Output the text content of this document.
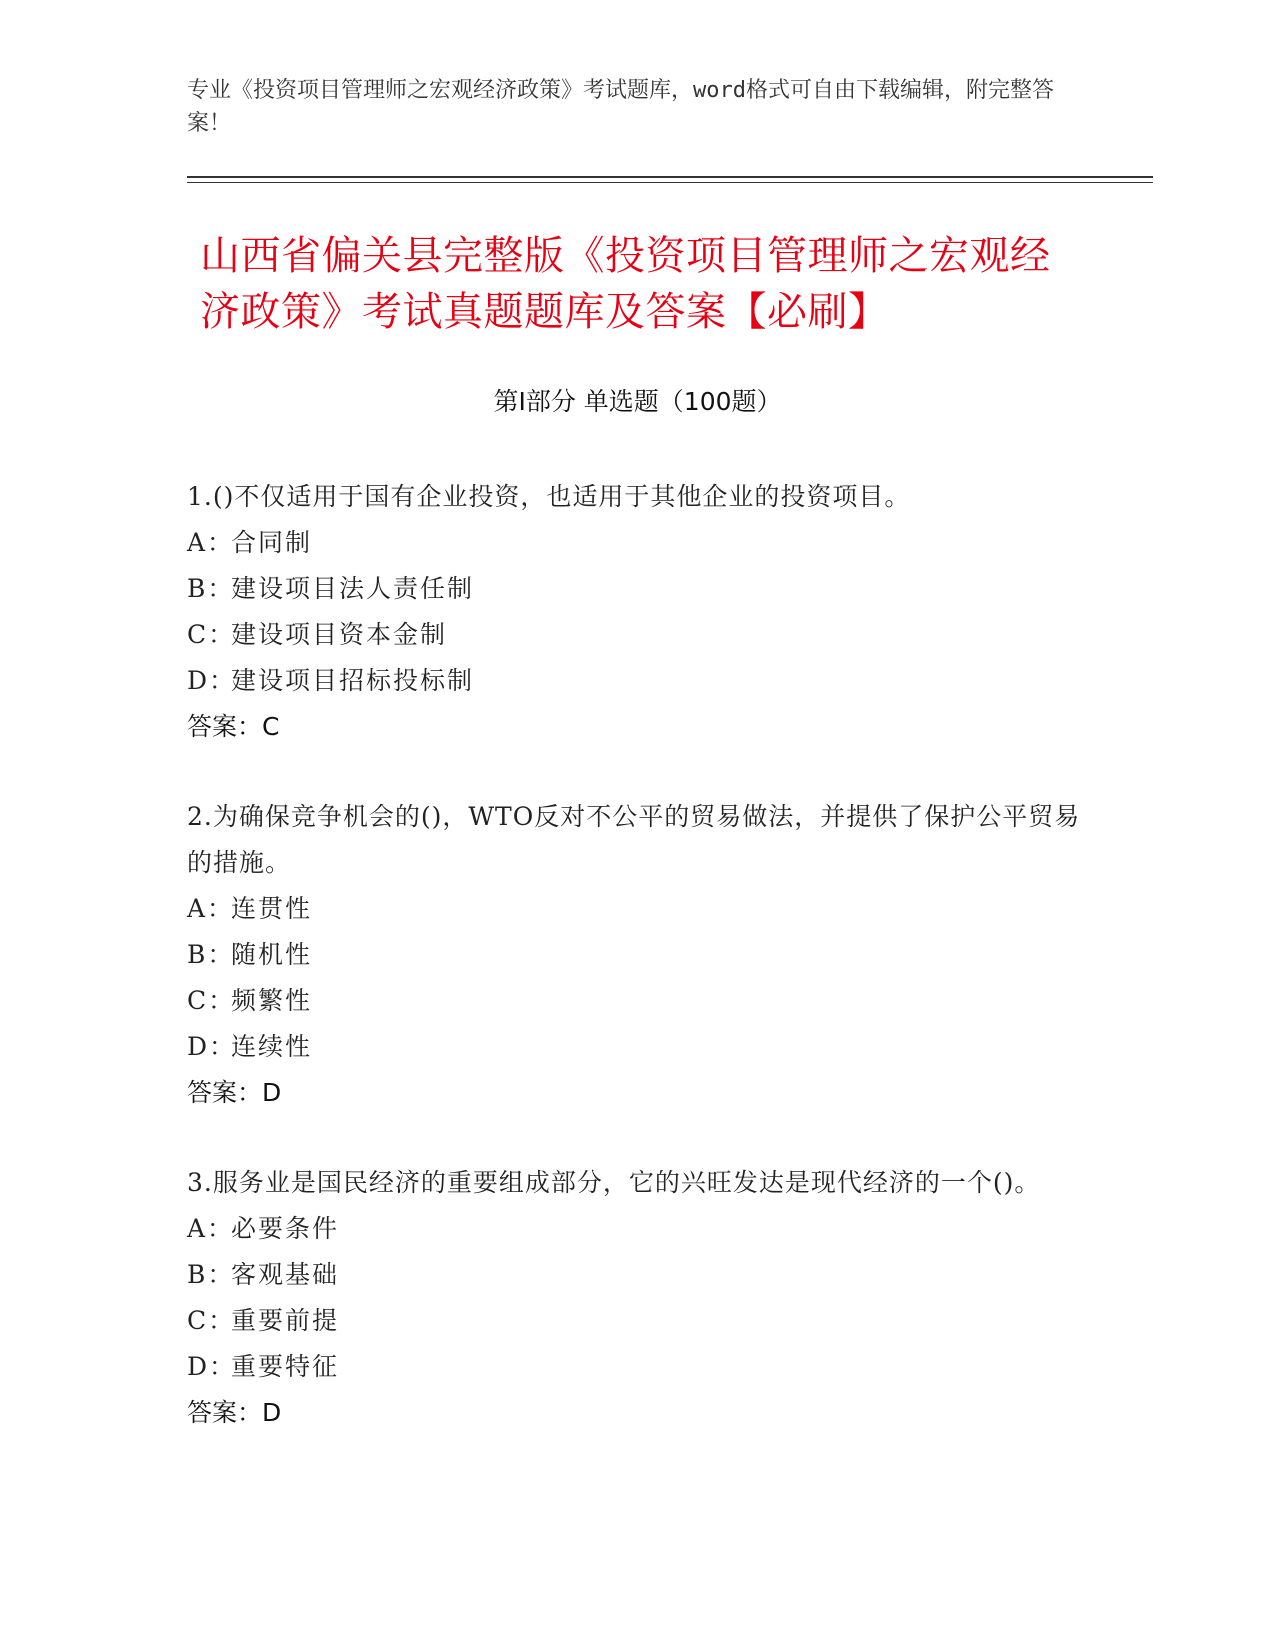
专业《投资项目管理师之宏观经济政策》考试题库，word格式可自由下载编辑，附完整答案！
山西省偏关县完整版《投资项目管理师之宏观经济政策》考试真题题库及答案【必刷】
第Ⅰ部分 单选题（100题）

1.()不仅适用于国有企业投资，也适用于其他企业的投资项目。

A：合同制
B：建设项目法人责任制
C：建设项目资本金制
D：建设项目招标投标制
答案：C

2.为确保竞争机会的()，WTO反对不公平的贸易做法，并提供了保护公平贸易的措施。

A：连贯性
B：随机性
C：频繁性
D：连续性
答案：D

3.服务业是国民经济的重要组成部分，它的兴旺发达是现代经济的一个()。

A：必要条件
B：客观基础
C：重要前提
D：重要特征
答案：D
